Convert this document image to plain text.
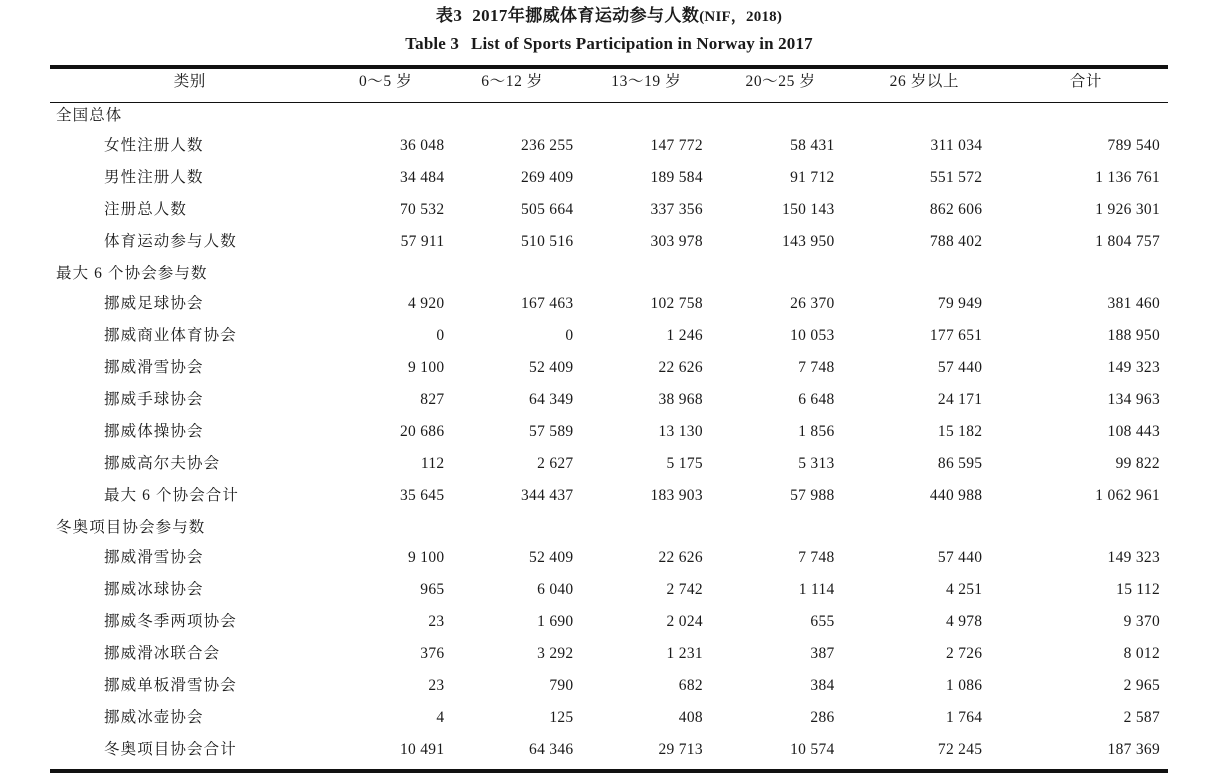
表3 2017年挪威体育运动参与人数(NIF，2018)
Table 3 List of Sports Participation in Norway in 2017
类别	0～5 岁	6～12 岁	13～19 岁	20～25 岁	26 岁以上	合计
全国总体						
女性注册人数	36 048	236 255	147 772	58 431	311 034	789 540
男性注册人数	34 484	269 409	189 584	91 712	551 572	1 136 761
注册总人数	70 532	505 664	337 356	150 143	862 606	1 926 301
体育运动参与人数	57 911	510 516	303 978	143 950	788 402	1 804 757
最大 6 个协会参与数						
挪威足球协会	4 920	167 463	102 758	26 370	79 949	381 460
挪威商业体育协会	0	0	1 246	10 053	177 651	188 950
挪威滑雪协会	9 100	52 409	22 626	7 748	57 440	149 323
挪威手球协会	827	64 349	38 968	6 648	24 171	134 963
挪威体操协会	20 686	57 589	13 130	1 856	15 182	108 443
挪威高尔夫协会	112	2 627	5 175	5 313	86 595	99 822
最大 6 个协会合计	35 645	344 437	183 903	57 988	440 988	1 062 961
冬奥项目协会参与数						
挪威滑雪协会	9 100	52 409	22 626	7 748	57 440	149 323
挪威冰球协会	965	6 040	2 742	1 114	4 251	15 112
挪威冬季两项协会	23	1 690	2 024	655	4 978	9 370
挪威滑冰联合会	376	3 292	1 231	387	2 726	8 012
挪威单板滑雪协会	23	790	682	384	1 086	2 965
挪威冰壶协会	4	125	408	286	1 764	2 587
冬奥项目协会合计	10 491	64 346	29 713	10 574	72 245	187 369
